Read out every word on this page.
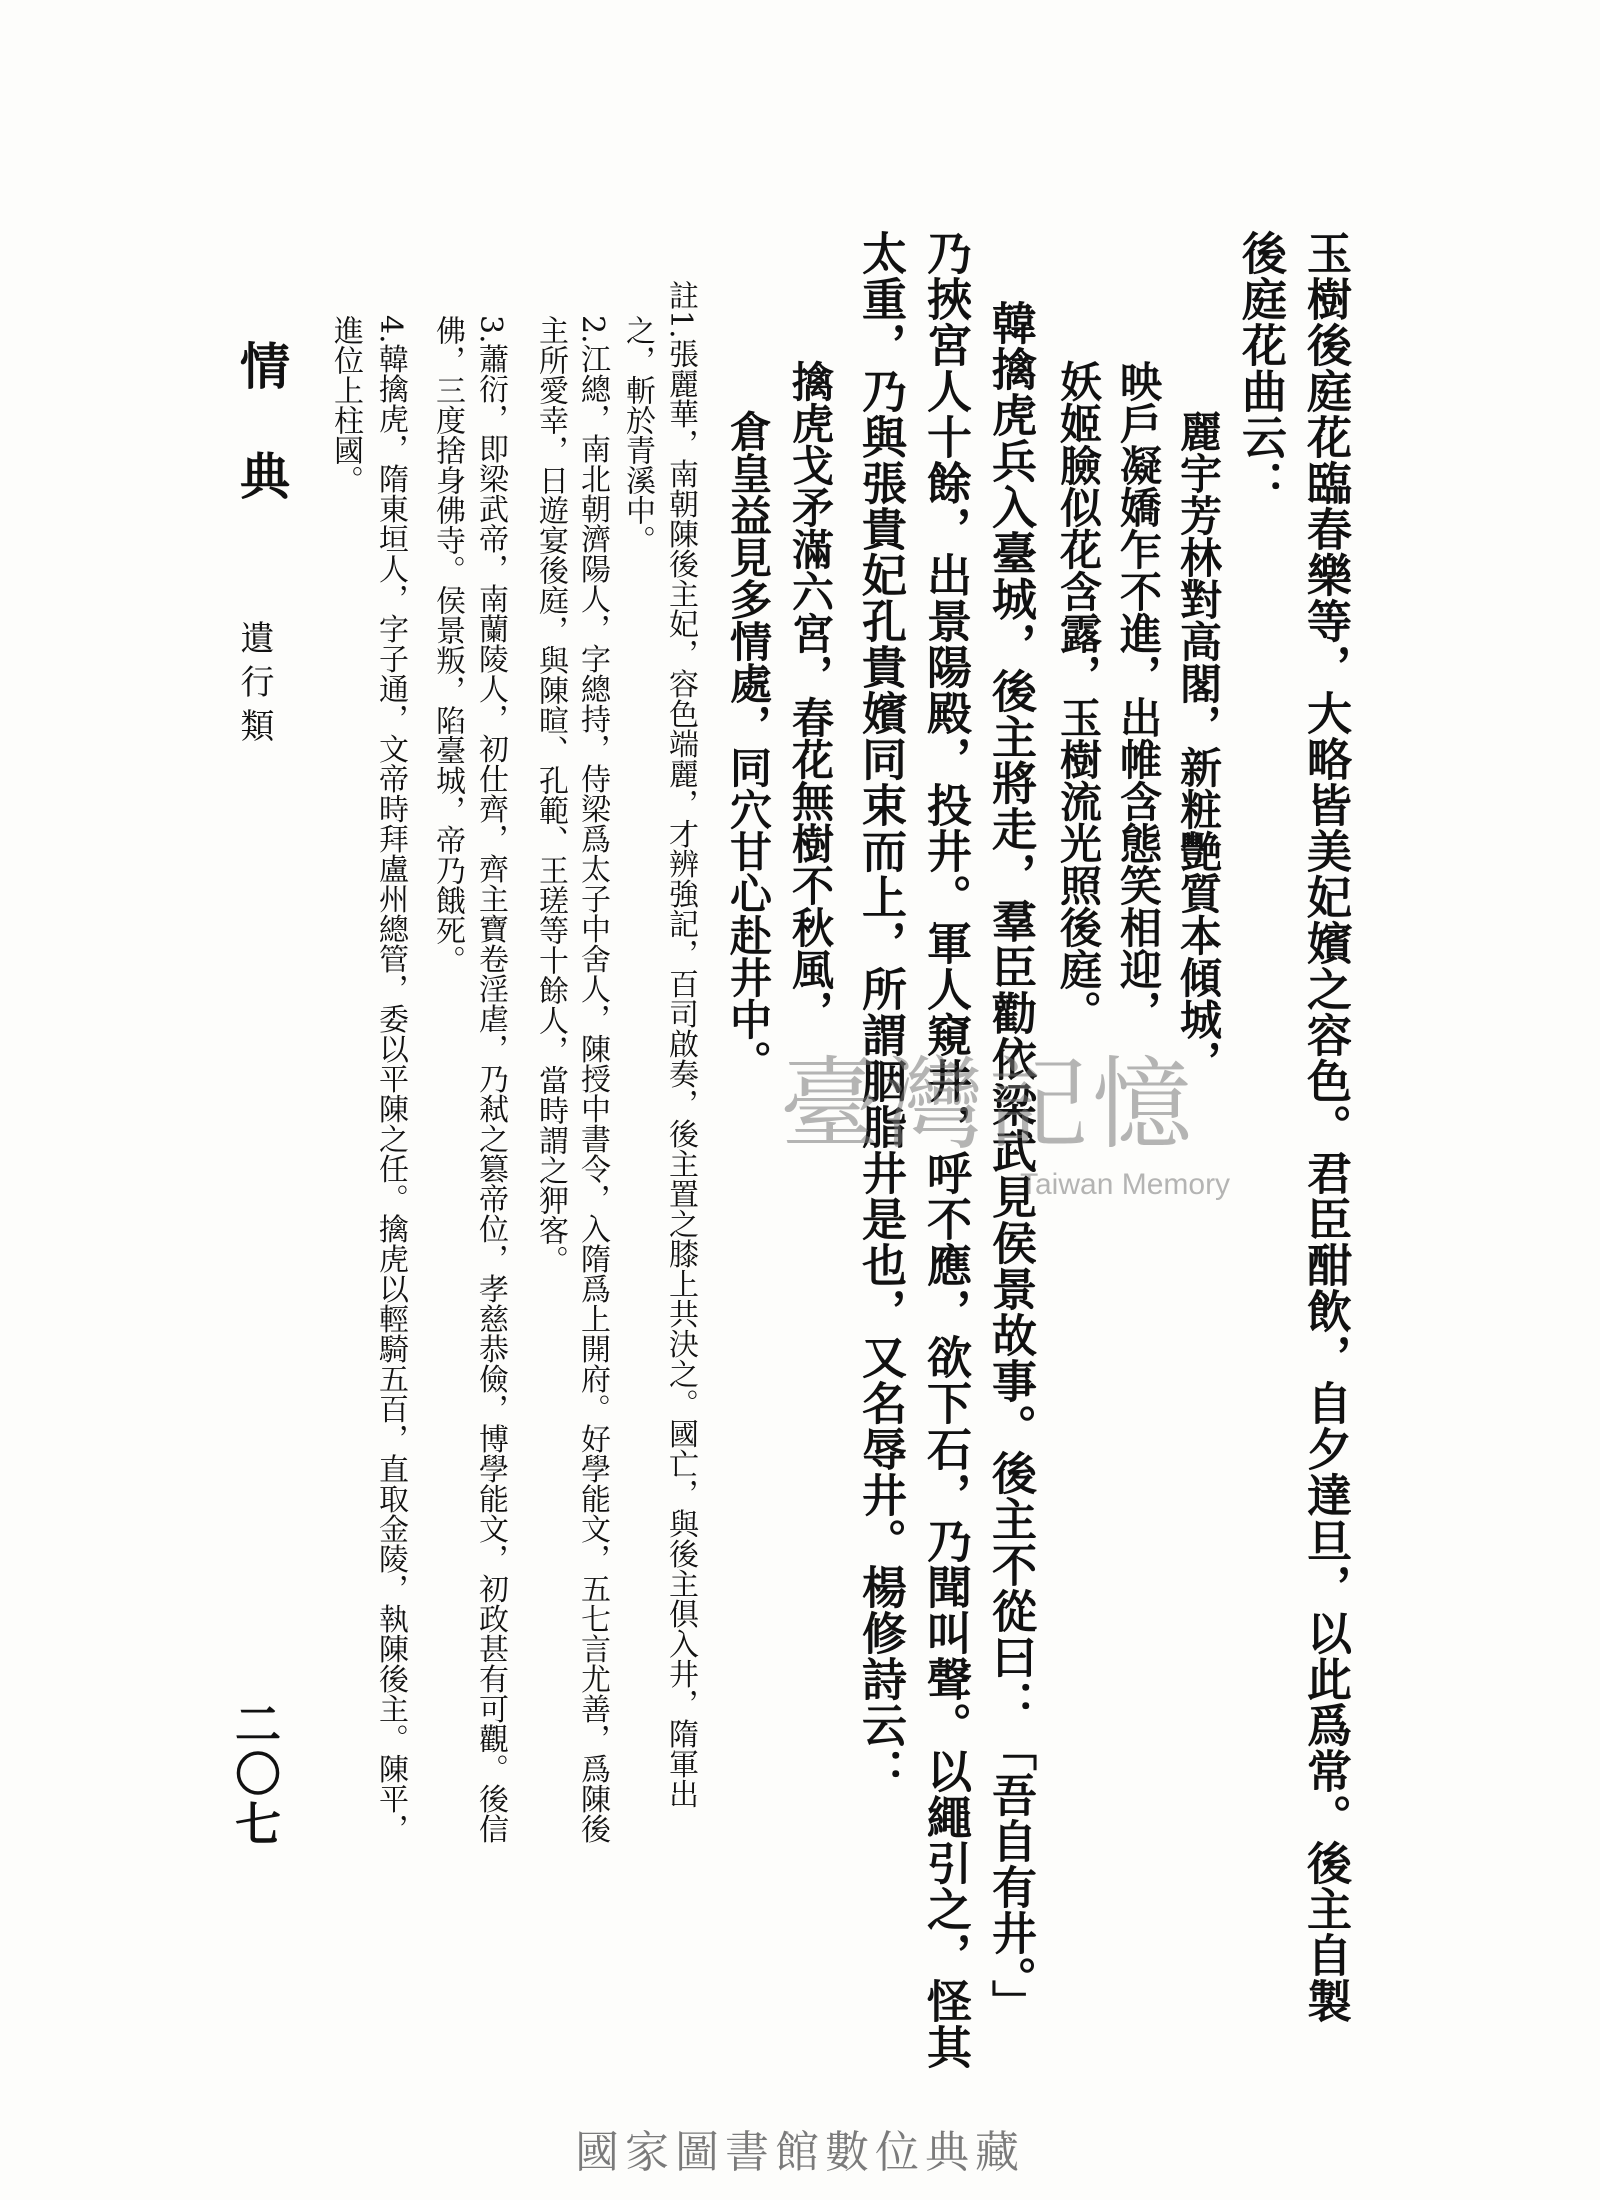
玉樹後庭花臨春樂等，大略皆美妃嬪之容色。君臣酣飲，自夕達旦，以此爲常。後主自製
後庭花曲云：
麗宇芳林對高閣，新粧艷質本傾城，
映戶凝嬌乍不進，出帷含態笑相迎，
妖姬臉似花含露，玉樹流光照後庭。
韓擒虎兵入臺城，後主將走，羣臣勸依梁武見侯景故事。後主不從曰：「吾自有井。」
乃挾宮人十餘，出景陽殿，投井。軍人窺井，呼不應，欲下石，乃聞叫聲。以繩引之，怪其
太重，乃與張貴妃孔貴嬪同束而上，所謂胭脂井是也，又名辱井。楊修詩云：
擒虎戈矛滿六宮，春花無樹不秋風，
倉皇益見多情處，同穴甘心赴井中。
註1.張麗華，南朝陳後主妃，容色端麗，才辨強記，百司啟奏，後主置之膝上共決之。國亡，與後主俱入井，隋軍出
之，斬於青溪中。
2.江總，南北朝濟陽人，字總持，侍梁爲太子中舍人，陳授中書令，入隋爲上開府。好學能文，五七言尤善，爲陳後
主所愛幸，日遊宴後庭，與陳暄、孔範、王瑳等十餘人，當時謂之狎客。
3.蕭衍，即梁武帝，南蘭陵人，初仕齊，齊主寶卷淫虐，乃弒之篡帝位，孝慈恭儉，博學能文，初政甚有可觀。後信
佛，三度捨身佛寺。侯景叛，陷臺城，帝乃餓死。
4.韓擒虎，隋東垣人，字子通，文帝時拜盧州總管，委以平陳之任。擒虎以輕騎五百，直取金陵，執陳後主。陳平，
進位上柱國。
情典
遺行類
二〇七
臺灣記憶
Taiwan Memory
國家圖書館數位典藏
